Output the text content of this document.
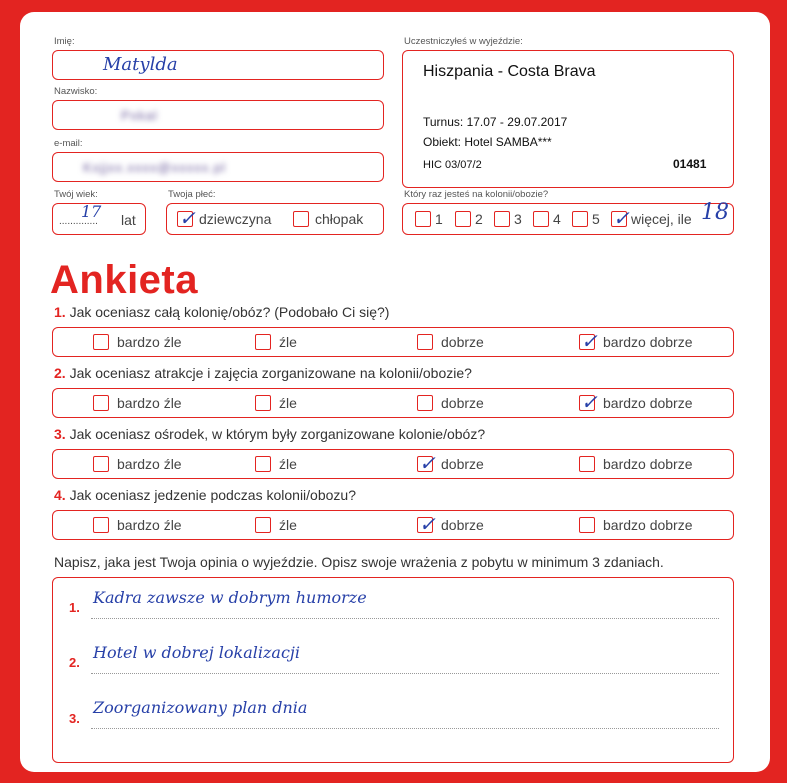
Imię:
Matylda
Nazwisko:
Pxkal
e-mail:
Kxjjxx.xxxx@xxxxx.pl
Twój wiek:
17
.............. lat
Twoja płeć:
✓ dziewczyna	chłopak
Uczestniczyłeś w wyjeździe:
Hiszpania - Costa Brava
Turnus: 17.07 - 29.07.2017
Obiekt: Hotel SAMBA***
HIC 03/07/2	01481
Który raz jesteś na kolonii/obozie?
1 2 3 4 5 ✓ więcej, ile 18
Ankieta
1. Jak oceniasz całą kolonię/obóz? (Podobało Ci się?)
bardzo źle	źle	dobrze	✓ bardzo dobrze
2. Jak oceniasz atrakcje i zajęcia zorganizowane na kolonii/obozie?
bardzo źle	źle	dobrze	✓ bardzo dobrze
3. Jak oceniasz ośrodek, w którym były zorganizowane kolonie/obóz?
bardzo źle	źle	✓ dobrze	bardzo dobrze
4. Jak oceniasz jedzenie podczas kolonii/obozu?
bardzo źle	źle	✓ dobrze	bardzo dobrze
Napisz, jaka jest Twoja opinia o wyjeździe. Opisz swoje wrażenia z pobytu w minimum 3 zdaniach.
1.
Kadra zawsze w dobrym humorze
2.
Hotel w dobrej lokalizacji
3.
Zoorganizowany plan dnia
